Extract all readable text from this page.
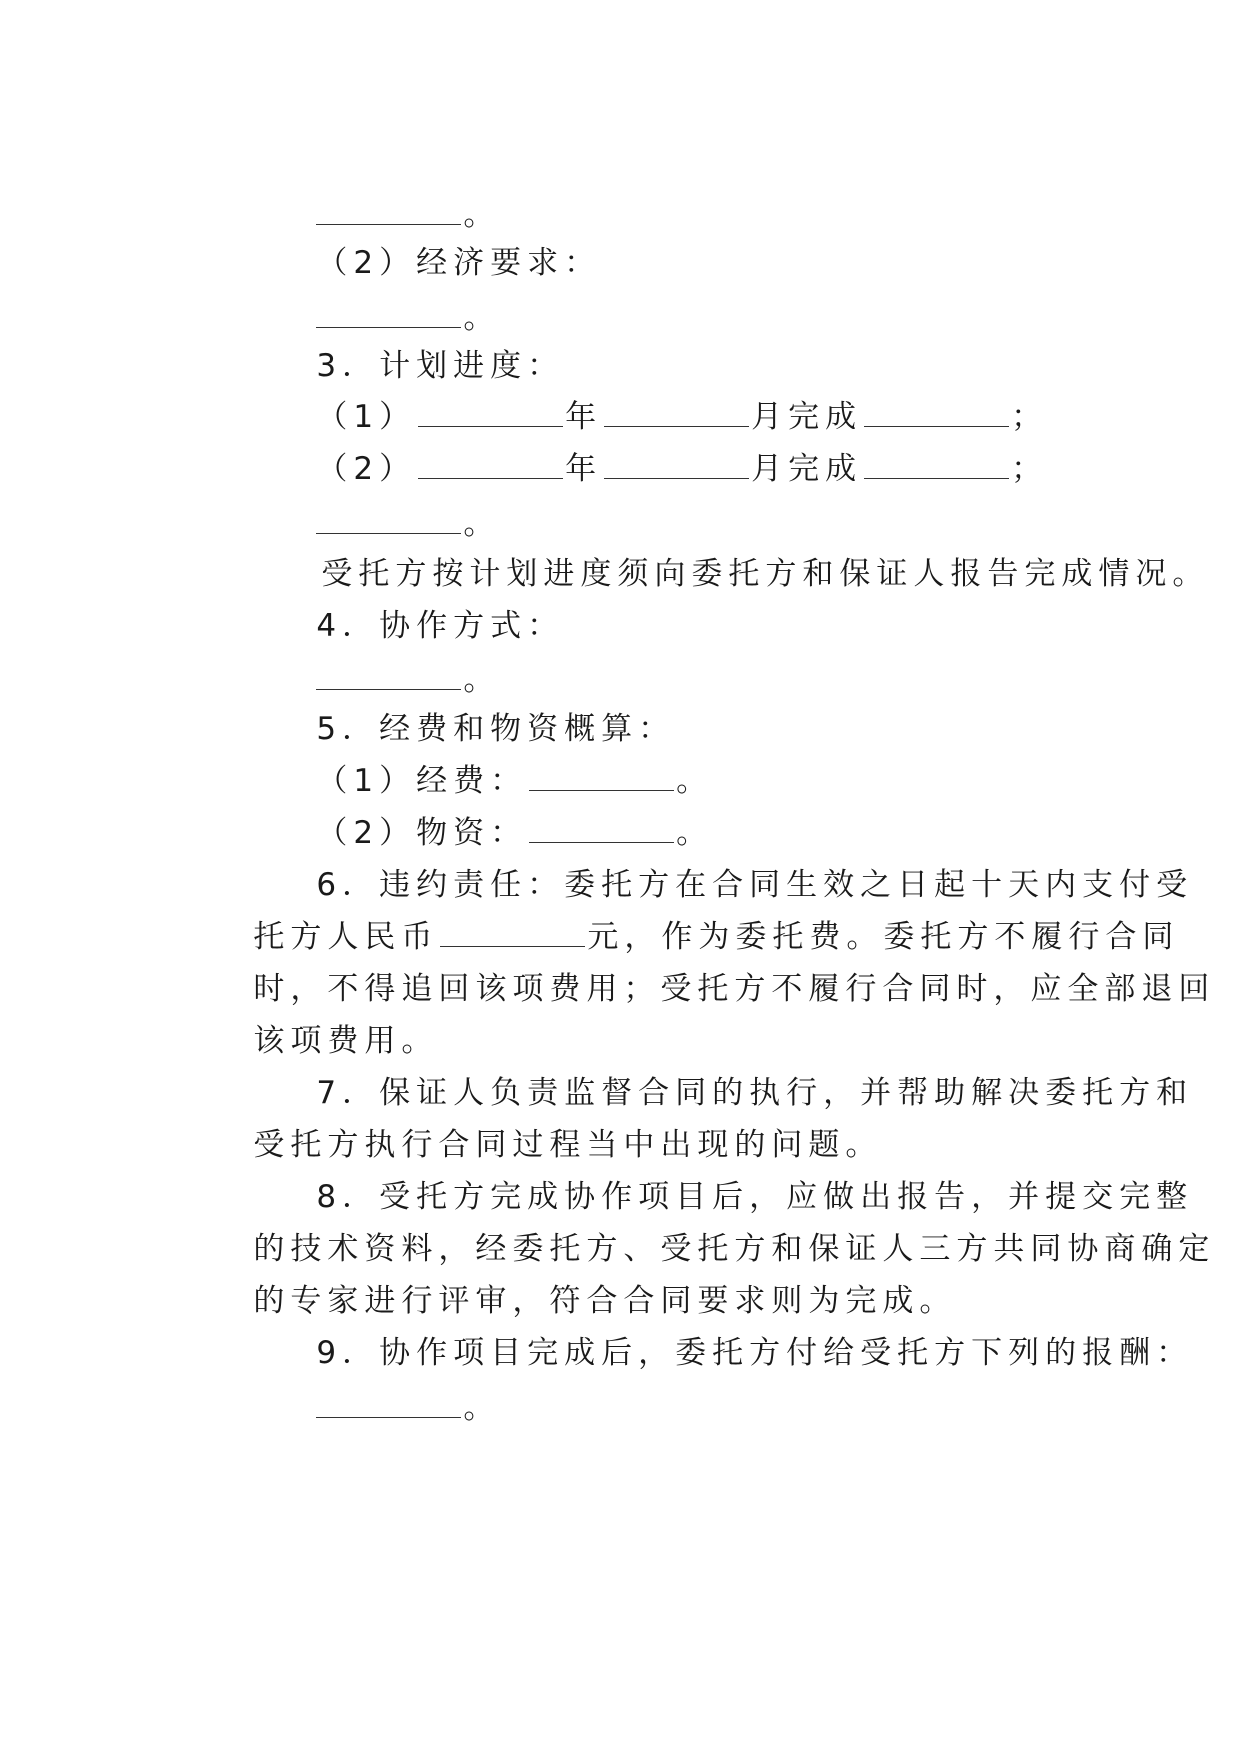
。

（2）经济要求：

。

3．计划进度：

（1）	年	月完成	；

（2）	年	月完成	；

。

受托方按计划进度须向委托方和保证人报告完成情况。

4．协作方式：

。

5．经费和物资概算：

（1）经费：	。

（2）物资：	。

6．违约责任：委托方在合同生效之日起十天内支付受

托方人民币	元，作为委托费。委托方不履行合同

时，不得追回该项费用；受托方不履行合同时，应全部退回

该项费用。

7．保证人负责监督合同的执行，并帮助解决委托方和

受托方执行合同过程当中出现的问题。

8．受托方完成协作项目后，应做出报告，并提交完整

的技术资料，经委托方、受托方和保证人三方共同协商确定

的专家进行评审，符合合同要求则为完成。

9．协作项目完成后，委托方付给受托方下列的报酬：

。
